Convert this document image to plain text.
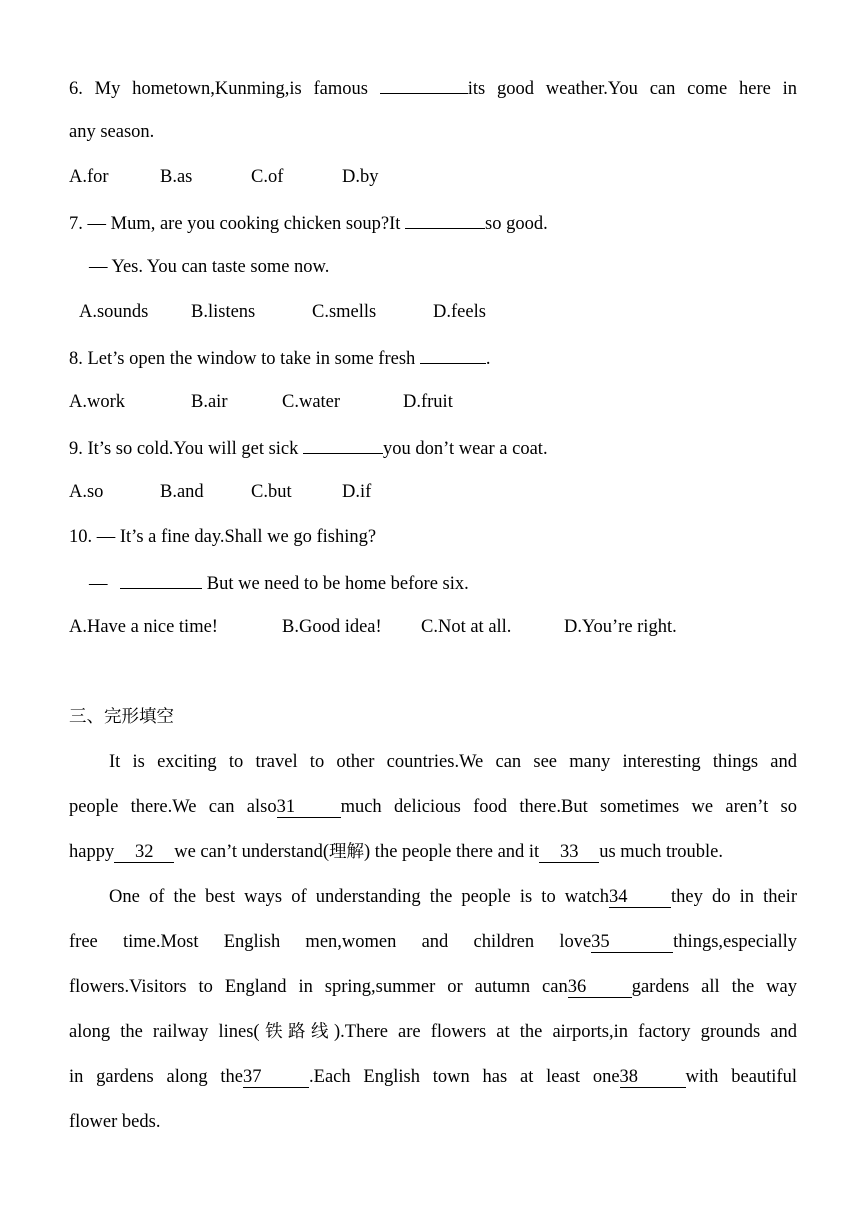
6. My hometown,Kunming,is famous	its good weather.You can come here in
any season.
A.for	B.as	C.of	D.by
7. — Mum, are you cooking chicken soup?It	so good.
— Yes. You can taste some now.
A.sounds B.listens	C.smells	D.feels
8. Let’s open the window to take in some fresh	.
A.work	B.air	C.water	D.fruit
9. It’s so cold.You will get sick	you don’t wear a coat.
A.so	B.and	C.but	D.if
10. — It’s a fine day.Shall we go fishing?
—	But we need to be home before six.
A.Have a nice time!	B.Good idea! C.Not at all.	D.You’re right.
三、完形填空
It is exciting to travel to other countries.We can see many interesting things and
people there.We can also31 much delicious food there.But sometimes we aren’t so
happy 32 we can’t understand(理解) the people there and it 33 us much trouble.
One of the best ways of understanding the people is to watch34 they do in their
free time.Most English men,women and children love35	things,especially
flowers.Visitors to England in spring,summer or autumn can36 gardens all the way
along the railway lines(铁路线).There are flowers at the airports,in factory grounds and
in gardens along the37	.Each English town has at least one38	with beautiful
flower beds.
